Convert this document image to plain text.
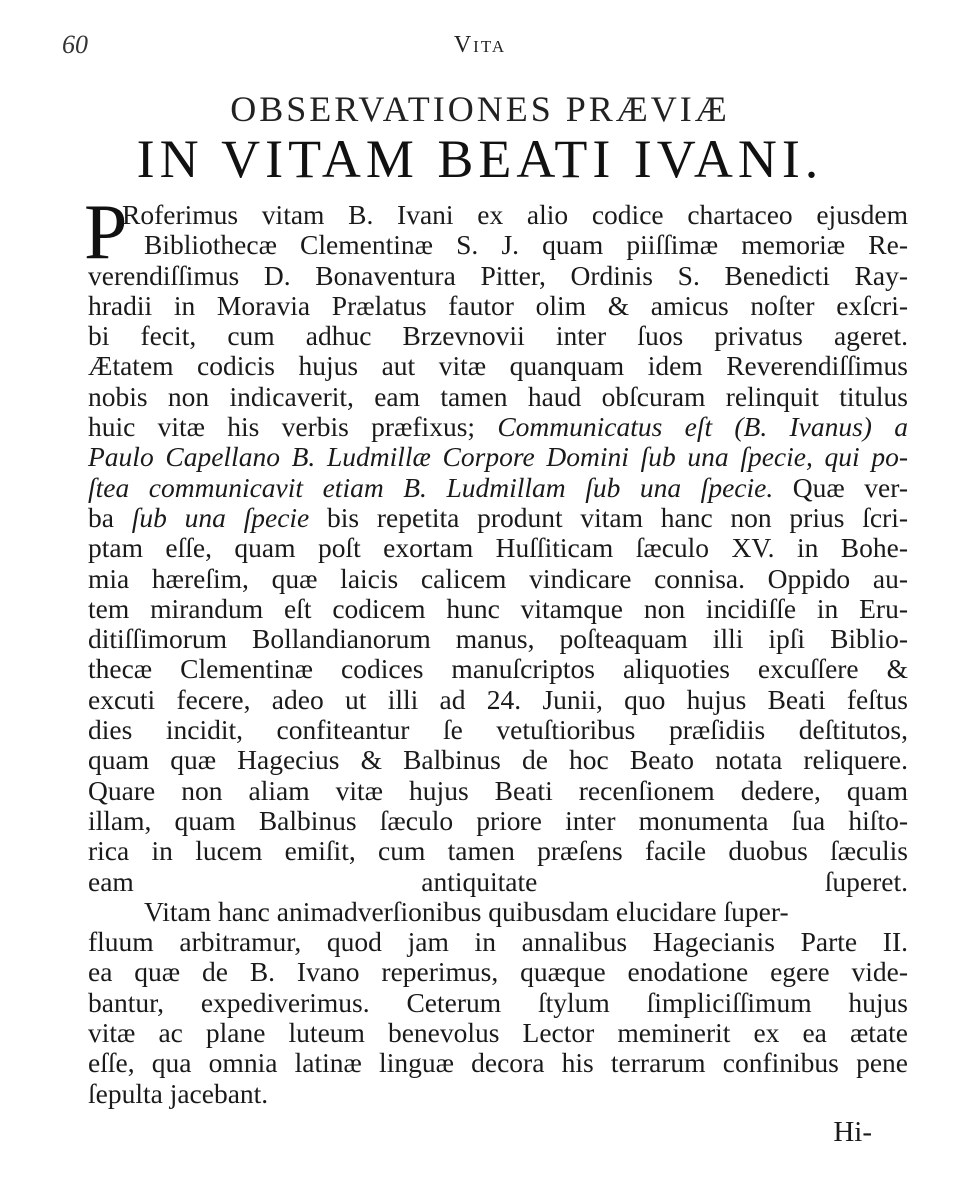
60	Vita
OBSERVATIONES PRÆVIÆ
IN VITAM BEATI IVANI.
P
Roferimus vitam B. Ivani ex alio codice chartaceo ejusdem
Bibliothecæ Clementinæ S. J. quam piiſſimæ memoriæ Re-
verendiſſimus D. Bonaventura Pitter, Ordinis S. Benedicti Ray-
hradii in Moravia Prælatus fautor olim & amicus noſter exſcri-
bi fecit, cum adhuc Brzevnovii inter ſuos privatus ageret.
Ætatem codicis hujus aut vitæ quanquam idem Reverendiſſimus
nobis non indicaverit, eam tamen haud obſcuram relinquit titulus
huic vitæ his verbis præfixus; Communicatus eſt (B. Ivanus) a
Paulo Capellano B. Ludmillæ Corpore Domini ſub una ſpecie, qui po-
ſtea communicavit etiam B. Ludmillam ſub una ſpecie. Quæ ver-
ba ſub una ſpecie bis repetita produnt vitam hanc non prius ſcri-
ptam eſſe, quam poſt exortam Huſſiticam ſæculo XV. in Bohe-
mia hæreſim, quæ laicis calicem vindicare connisa. Oppido au-
tem mirandum eſt codicem hunc vitamque non incidiſſe in Eru-
ditiſſimorum Bollandianorum manus, poſteaquam illi ipſi Biblio-
thecæ Clementinæ codices manuſcriptos aliquoties excuſſere &
excuti fecere, adeo ut illi ad 24. Junii, quo hujus Beati feſtus
dies incidit, confiteantur ſe vetuſtioribus præſidiis deſtitutos,
quam quæ Hagecius & Balbinus de hoc Beato notata reliquere.
Quare non aliam vitæ hujus Beati recenſionem dedere, quam
illam, quam Balbinus ſæculo priore inter monumenta ſua hiſto-
rica in lucem emiſit, cum tamen præſens facile duobus ſæculis
eam antiquitate ſuperet.
Vitam hanc animadverſionibus quibusdam elucidare ſuper-
fluum arbitramur, quod jam in annalibus Hagecianis Parte II.
ea quæ de B. Ivano reperimus, quæque enodatione egere vide-
bantur, expediverimus. Ceterum ſtylum ſimpliciſſimum hujus
vitæ ac plane luteum benevolus Lector meminerit ex ea ætate
eſſe, qua omnia latinæ linguæ decora his terrarum confinibus pene
ſepulta jacebant.
Hi-
